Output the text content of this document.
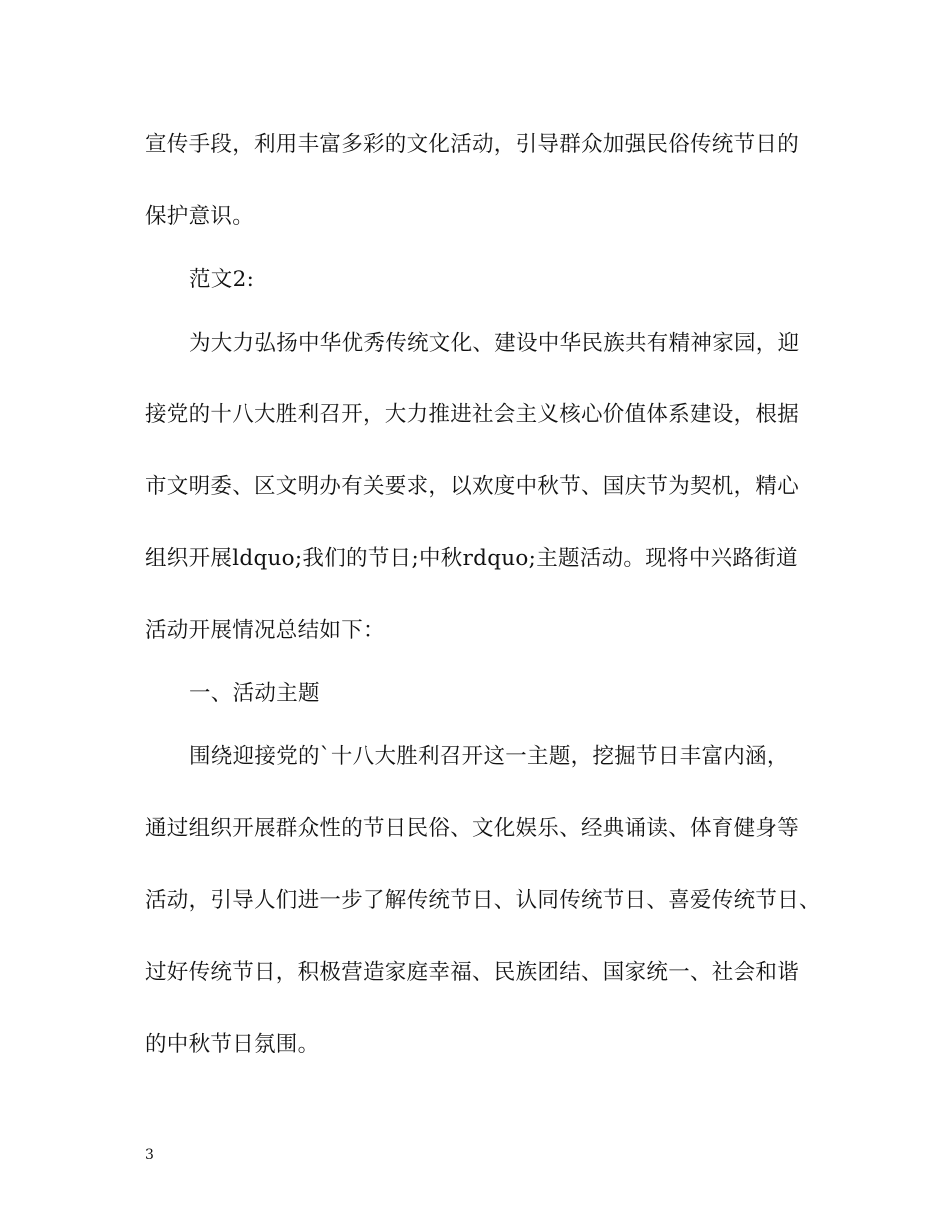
宣传手段，利用丰富多彩的文化活动，引导群众加强民俗传统节日的
保护意识。
范文2:
为大力弘扬中华优秀传统文化、建设中华民族共有精神家园，迎
接党的十八大胜利召开，大力推进社会主义核心价值体系建设，根据
市文明委、区文明办有关要求，以欢度中秋节、国庆节为契机，精心
组织开展ldquo;我们的节日;中秋rdquo;主题活动。现将中兴路街道
活动开展情况总结如下：
一、活动主题
围绕迎接党的`十八大胜利召开这一主题，挖掘节日丰富内涵，
通过组织开展群众性的节日民俗、文化娱乐、经典诵读、体育健身等
活动，引导人们进一步了解传统节日、认同传统节日、喜爱传统节日、
过好传统节日，积极营造家庭幸福、民族团结、国家统一、社会和谐
的中秋节日氛围。
3
